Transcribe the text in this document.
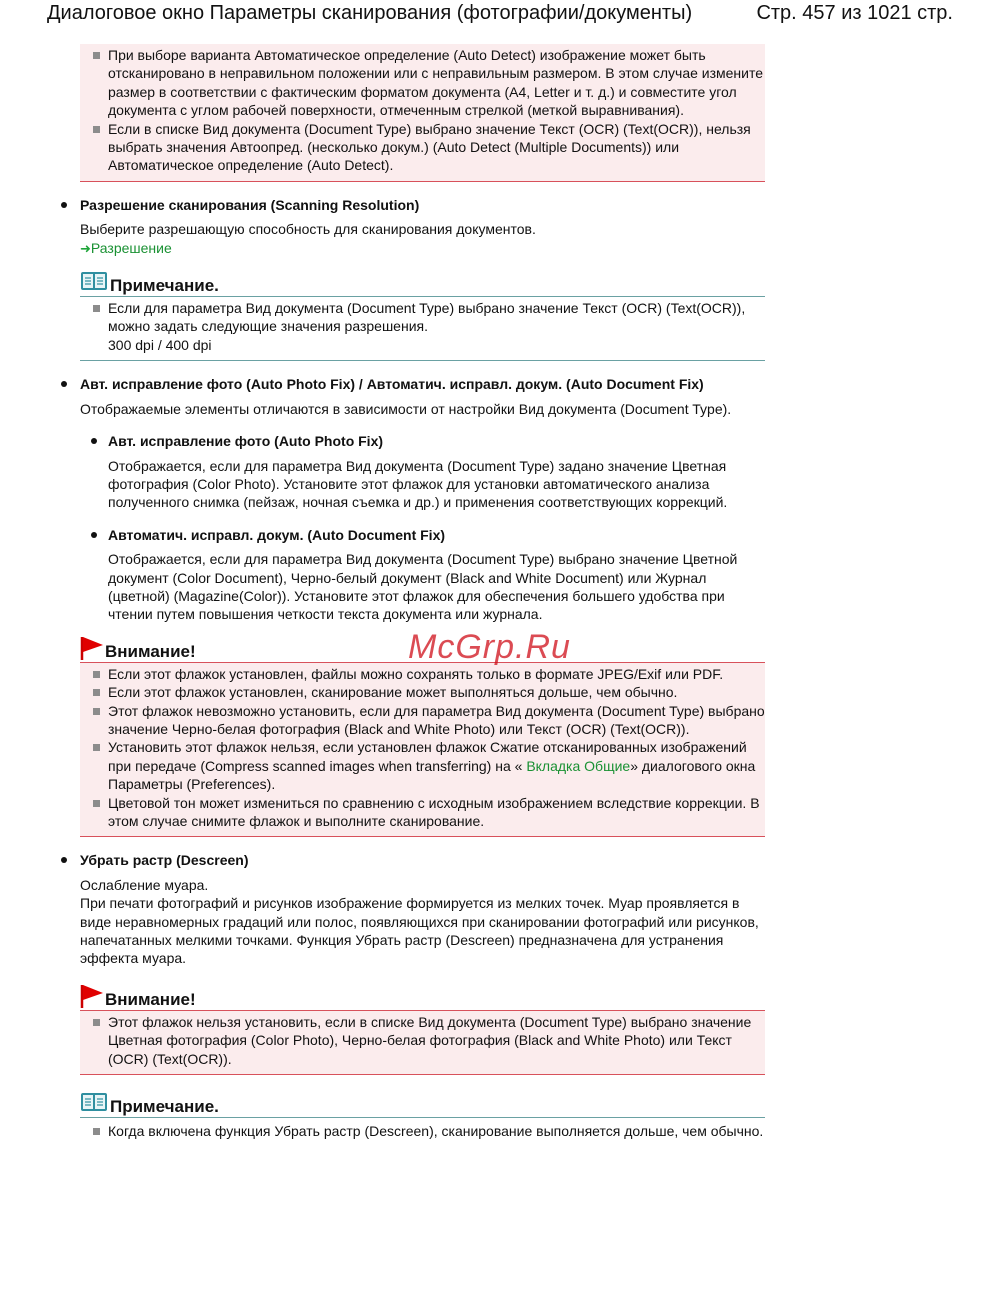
Диалоговое окно Параметры сканирования (фотографии/документы)	Стр. 457 из 1021 стр.
При выборе варианта Автоматическое определение (Auto Detect) изображение может быть отсканировано в неправильном положении или с неправильным размером. В этом случае измените размер в соответствии с фактическим форматом документа (A4, Letter и т. д.) и совместите угол документа с углом рабочей поверхности, отмеченным стрелкой (меткой выравнивания).
Если в списке Вид документа (Document Type) выбрано значение Текст (OCR) (Text(OCR)), нельзя выбрать значения Автоопред. (несколько докум.) (Auto Detect (Multiple Documents)) или Автоматическое определение (Auto Detect).
Разрешение сканирования (Scanning Resolution)
Выберите разрешающую способность для сканирования документов.
➜Разрешение
Примечание.
Если для параметра Вид документа (Document Type) выбрано значение Текст (OCR) (Text(OCR)), можно задать следующие значения разрешения.
300 dpi / 400 dpi
Авт. исправление фото (Auto Photo Fix) / Автоматич. исправл. докум. (Auto Document Fix)
Отображаемые элементы отличаются в зависимости от настройки Вид документа (Document Type).
Авт. исправление фото (Auto Photo Fix)
Отображается, если для параметра Вид документа (Document Type) задано значение Цветная фотография (Color Photo). Установите этот флажок для установки автоматического анализа полученного снимка (пейзаж, ночная съемка и др.) и применения соответствующих коррекций.
Автоматич. исправл. докум. (Auto Document Fix)
Отображается, если для параметра Вид документа (Document Type) выбрано значение Цветной документ (Color Document), Черно-белый документ (Black and White Document) или Журнал (цветной) (Magazine(Color)). Установите этот флажок для обеспечения большего удобства при чтении путем повышения четкости текста документа или журнала.
Внимание!
Если этот флажок установлен, файлы можно сохранять только в формате JPEG/Exif или PDF.
Если этот флажок установлен, сканирование может выполняться дольше, чем обычно.
Этот флажок невозможно установить, если для параметра Вид документа (Document Type) выбрано значение Черно-белая фотография (Black and White Photo) или Текст (OCR) (Text(OCR)).
Установить этот флажок нельзя, если установлен флажок Сжатие отсканированных изображений при передаче (Compress scanned images when transferring) на « Вкладка Общие» диалогового окна Параметры (Preferences).
Цветовой тон может измениться по сравнению с исходным изображением вследствие коррекции. В этом случае снимите флажок и выполните сканирование.
Убрать растр (Descreen)
Ослабление муара.
При печати фотографий и рисунков изображение формируется из мелких точек. Муар проявляется в виде неравномерных градаций или полос, появляющихся при сканировании фотографий или рисунков, напечатанных мелкими точками. Функция Убрать растр (Descreen) предназначена для устранения эффекта муара.
Внимание!
Этот флажок нельзя установить, если в списке Вид документа (Document Type) выбрано значение Цветная фотография (Color Photo), Черно-белая фотография (Black and White Photo) или Текст (OCR) (Text(OCR)).
Примечание.
Когда включена функция Убрать растр (Descreen), сканирование выполняется дольше, чем обычно.
McGrp.Ru
